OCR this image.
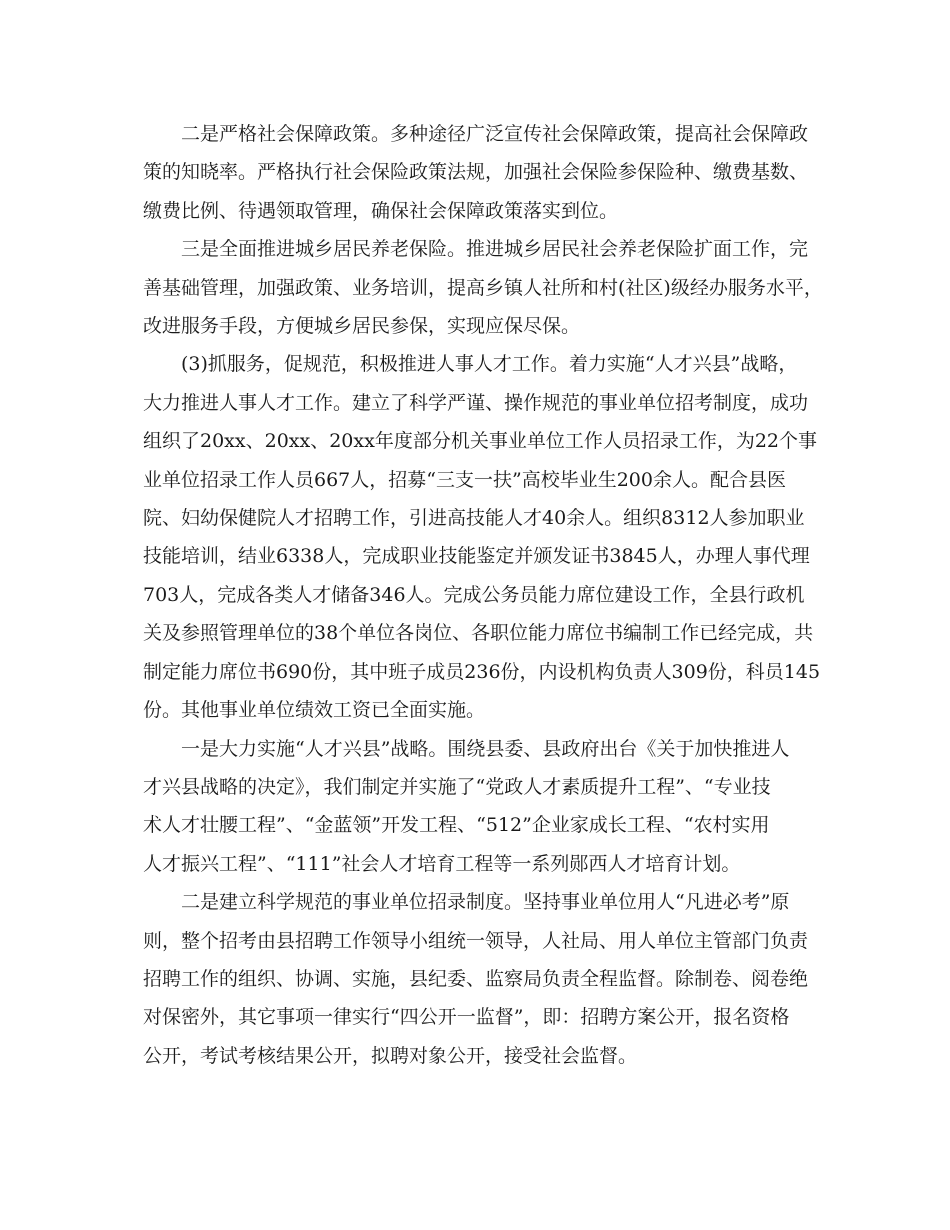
二是严格社会保障政策。多种途径广泛宣传社会保障政策，提高社会保障政
策的知晓率。严格执行社会保险政策法规，加强社会保险参保险种、缴费基数、
缴费比例、待遇领取管理，确保社会保障政策落实到位。

三是全面推进城乡居民养老保险。推进城乡居民社会养老保险扩面工作，完
善基础管理，加强政策、业务培训，提高乡镇人社所和村(社区)级经办服务水平，
改进服务手段，方便城乡居民参保，实现应保尽保。

(3)抓服务，促规范，积极推进人事人才工作。着力实施“人才兴县”战略，
大力推进人事人才工作。建立了科学严谨、操作规范的事业单位招考制度，成功
组织了20xx、20xx、20xx年度部分机关事业单位工作人员招录工作，为22个事
业单位招录工作人员667人，招募“三支一扶”高校毕业生200余人。配合县医
院、妇幼保健院人才招聘工作，引进高技能人才40余人。组织8312人参加职业
技能培训，结业6338人，完成职业技能鉴定并颁发证书3845人，办理人事代理
703人，完成各类人才储备346人。完成公务员能力席位建设工作，全县行政机
关及参照管理单位的38个单位各岗位、各职位能力席位书编制工作已经完成，共
制定能力席位书690份，其中班子成员236份，内设机构负责人309份，科员145
份。其他事业单位绩效工资已全面实施。

一是大力实施“人才兴县”战略。围绕县委、县政府出台《关于加快推进人
才兴县战略的决定》，我们制定并实施了“党政人才素质提升工程”、“专业技
术人才壮腰工程”、“金蓝领”开发工程、“512”企业家成长工程、“农村实用
人才振兴工程”、“111”社会人才培育工程等一系列郧西人才培育计划。

二是建立科学规范的事业单位招录制度。坚持事业单位用人“凡进必考”原
则，整个招考由县招聘工作领导小组统一领导，人社局、用人单位主管部门负责
招聘工作的组织、协调、实施，县纪委、监察局负责全程监督。除制卷、阅卷绝
对保密外，其它事项一律实行“四公开一监督”，即：招聘方案公开，报名资格
公开，考试考核结果公开，拟聘对象公开，接受社会监督。
